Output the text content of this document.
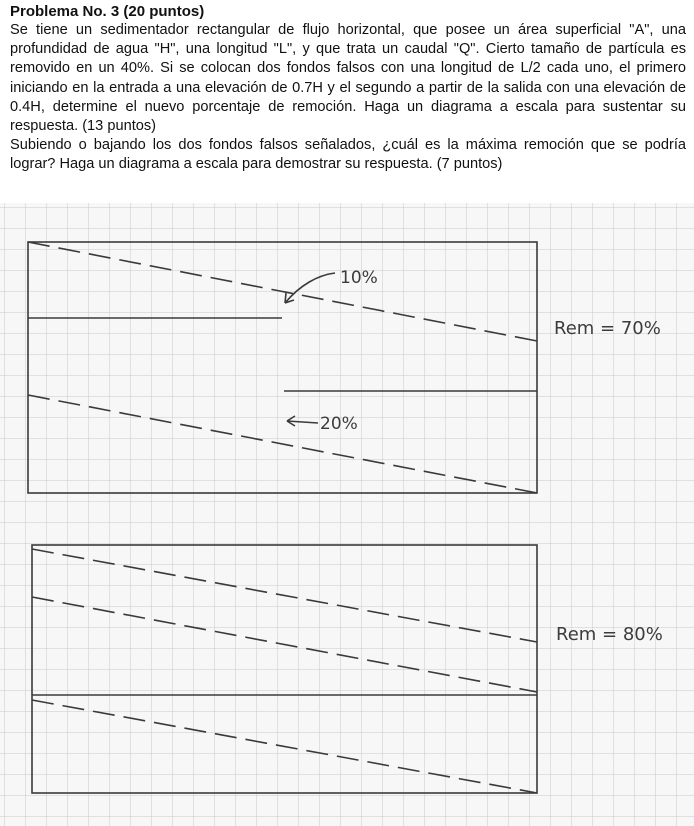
Problema No. 3 (20 puntos)

Se tiene un sedimentador rectangular de flujo horizontal, que posee un área superficial "A", una profundidad de agua "H", una longitud "L", y que trata un caudal "Q". Cierto tamaño de partícula es removido en un 40%. Si se colocan dos fondos falsos con una longitud de L/2 cada uno, el primero iniciando en la entrada a una elevación de 0.7H y el segundo a partir de la salida con una elevación de 0.4H, determine el nuevo porcentaje de remoción. Haga un diagrama a escala para sustentar su respuesta. (13 puntos)

Subiendo o bajando los dos fondos falsos señalados, ¿cuál es la máxima remoción que se podría lograr? Haga un diagrama a escala para demostrar su respuesta. (7 puntos)

10%
20%
Rem = 70%
Rem = 80%
